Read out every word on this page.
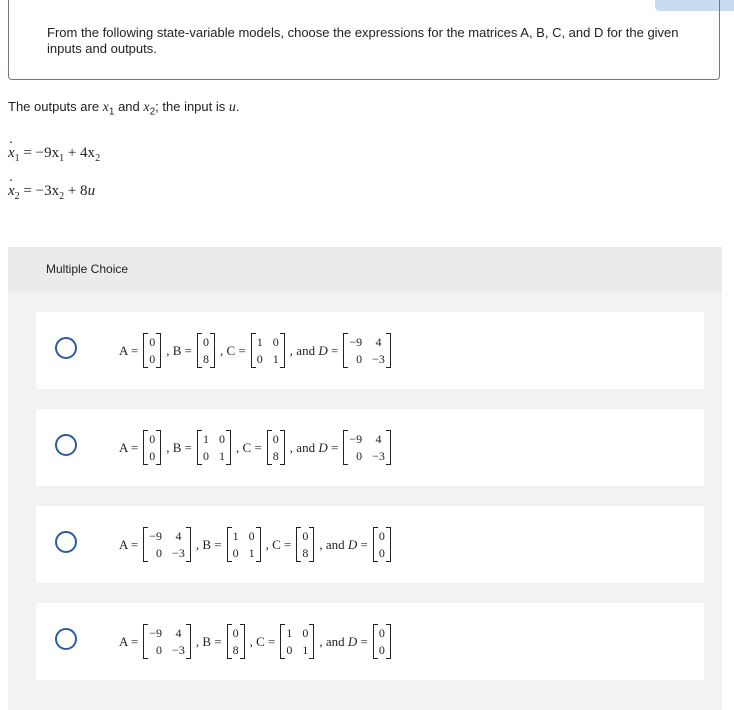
From the following state-variable models, choose the expressions for the matrices A, B, C, and D for the given inputs and outputs.
The outputs are $x_1$ and $x_2$; the input is u.
· $x_1 = -9x_1 + 4x_2$
· $x_2 = -3x_2 + 8u$
Multiple Choice
A =
0
0
, B =
0
8
, C =
1 0
0 1
, and D =
−9 4
0 −3
A =
0
0
, B =
1 0
0 1
, C =
0
8
, and D =
−9 4
0 −3
A =
−9 4
0 −3
, B =
1 0
0 1
, C =
0
8
, and D =
0
0
A =
−9 4
0 −3
, B =
0
8
, C =
1 0
0 1
, and D =
0
0
